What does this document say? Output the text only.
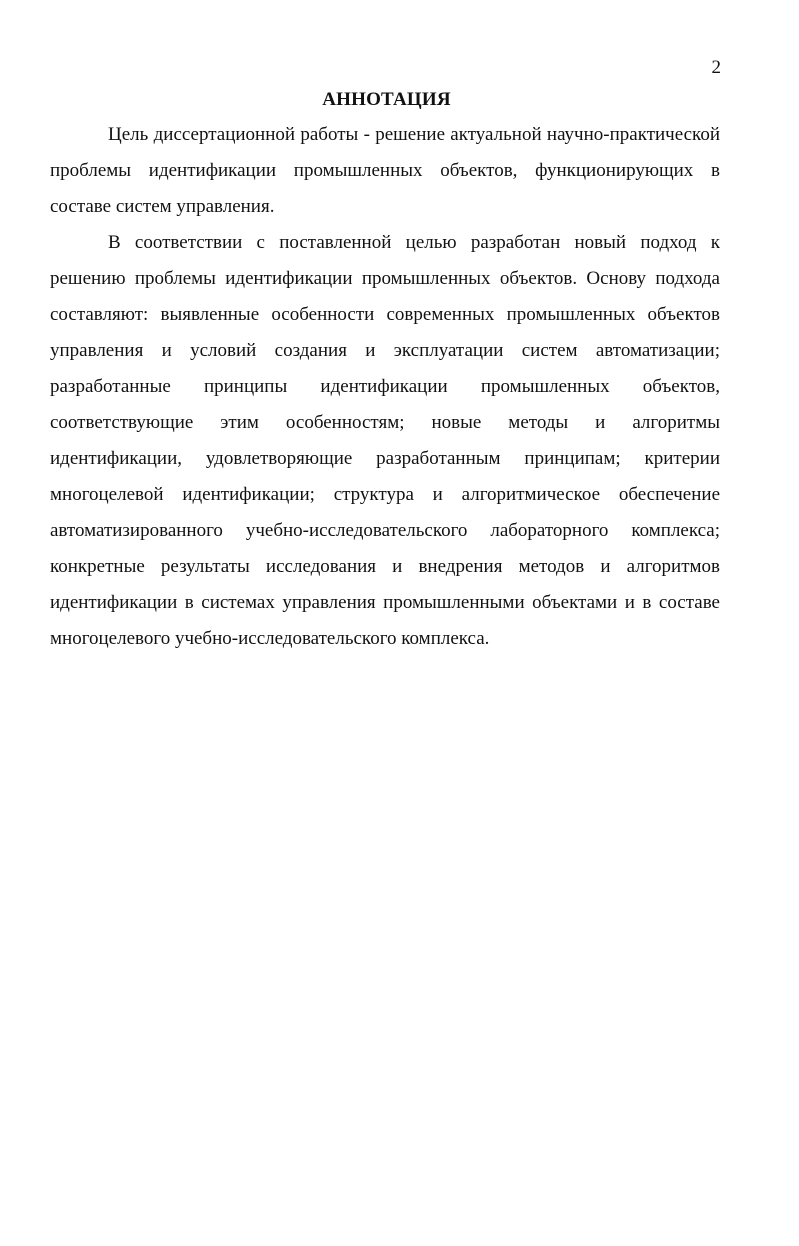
2
АННОТАЦИЯ

Цель диссертационной работы - решение актуальной научно-практической проблемы идентификации промышленных объектов, функционирующих в составе систем управления.

В соответствии с поставленной целью разработан новый подход к решению проблемы идентификации промышленных объектов. Основу подхода составляют: выявленные особенности современных промышленных объектов управления и условий создания и эксплуатации систем автоматизации; разработанные принципы идентификации промышленных объектов, соответствующие этим особенностям; новые методы и алгоритмы идентификации, удовлетворяющие разработанным принципам; критерии многоцелевой идентификации; структура и алгоритмическое обеспечение автоматизированного учебно-исследовательского лабораторного комплекса; конкретные результаты исследования и внедрения методов и алгоритмов идентификации в системах управления промышленными объектами и в составе многоцелевого учебно-исследовательского комплекса.
